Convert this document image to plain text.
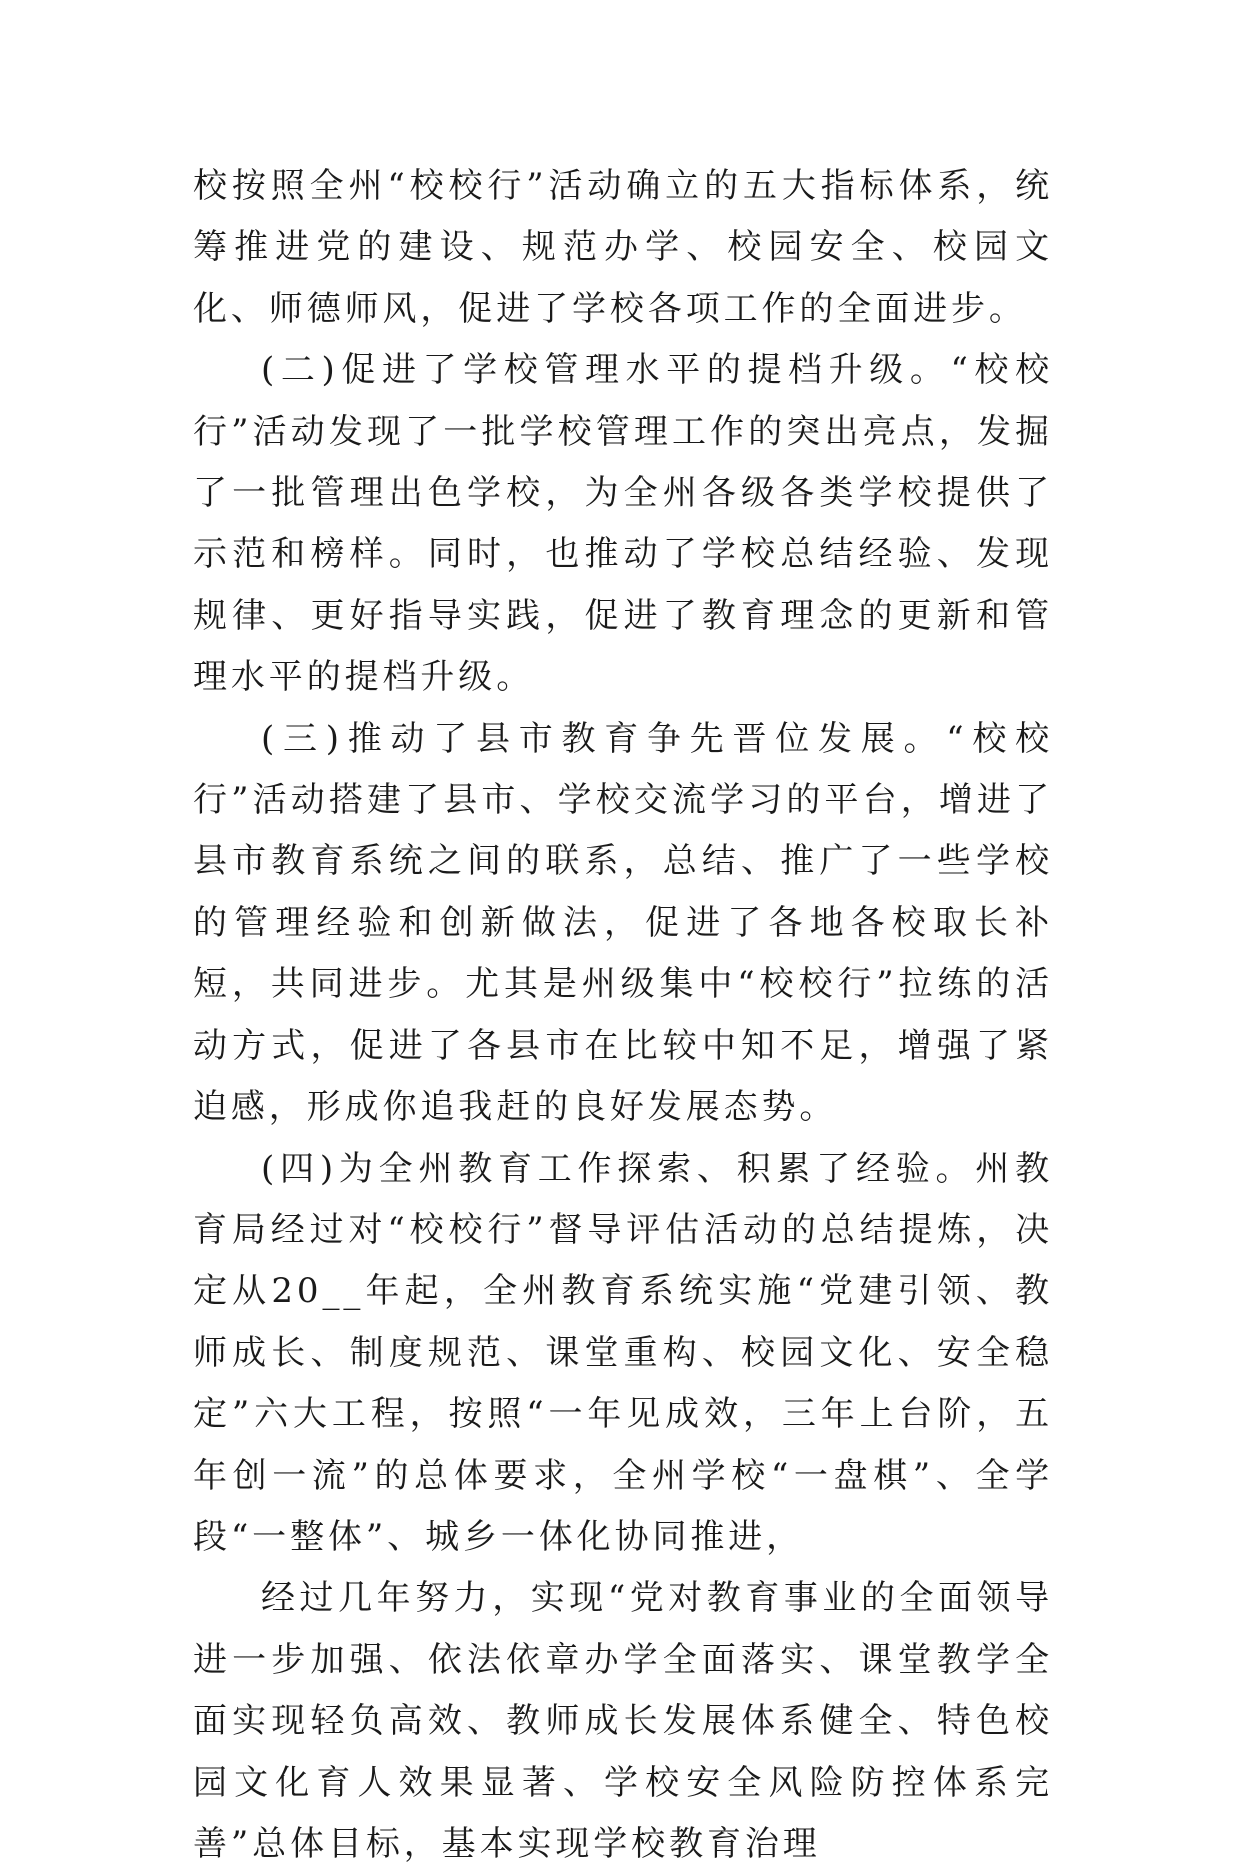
校按照全州“校校行”活动确立的五大指标体系，统筹推进党的建设、规范办学、校园安全、校园文化、师德师风，促进了学校各项工作的全面进步。

(二)促进了学校管理水平的提档升级。“校校行”活动发现了一批学校管理工作的突出亮点，发掘了一批管理出色学校，为全州各级各类学校提供了示范和榜样。同时，也推动了学校总结经验、发现规律、更好指导实践，促进了教育理念的更新和管理水平的提档升级。

(三)推动了县市教育争先晋位发展。“校校行”活动搭建了县市、学校交流学习的平台，增进了县市教育系统之间的联系，总结、推广了一些学校的管理经验和创新做法，促进了各地各校取长补短，共同进步。尤其是州级集中“校校行”拉练的活动方式，促进了各县市在比较中知不足，增强了紧迫感，形成你追我赶的良好发展态势。

(四)为全州教育工作探索、积累了经验。州教育局经过对“校校行”督导评估活动的总结提炼，决定从20__年起，全州教育系统实施“党建引领、教师成长、制度规范、课堂重构、校园文化、安全稳定”六大工程，按照“一年见成效，三年上台阶，五年创一流”的总体要求，全州学校“一盘棋”、全学段“一整体”、城乡一体化协同推进，

经过几年努力，实现“党对教育事业的全面领导进一步加强、依法依章办学全面落实、课堂教学全面实现轻负高效、教师成长发展体系健全、特色校园文化育人效果显著、学校安全风险防控体系完善”总体目标，基本实现学校教育治理
